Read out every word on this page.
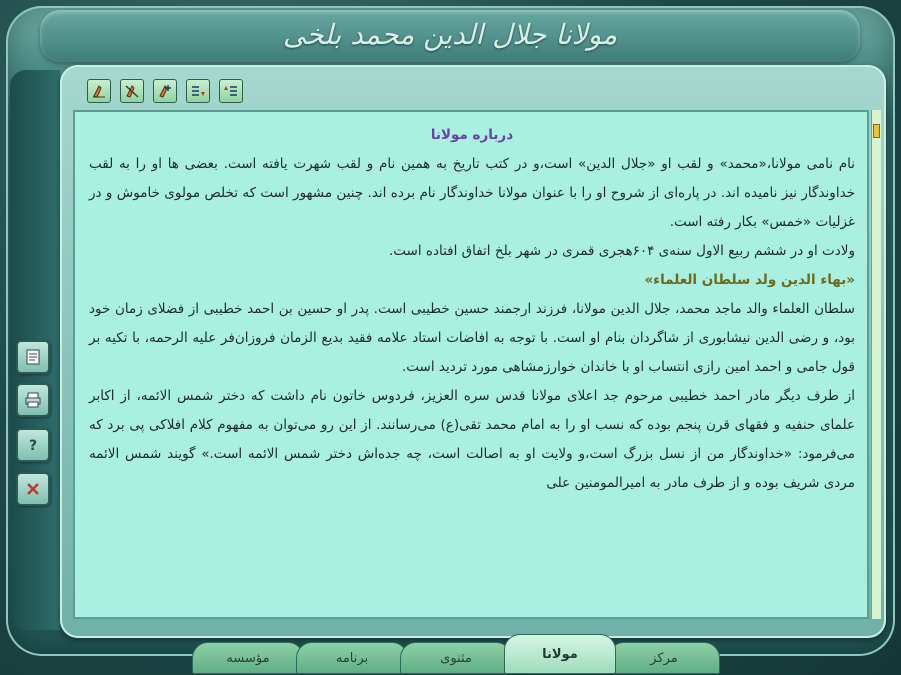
مولانا جلال الدین محمد بلخی
?
درباره مولانا

نام نامی مولانا،«محمد» و لقب او «جلال الدین» است،و در کتب تاریخ به همین نام و لقب شهرت یافته است. بعضی ها او را به لقب خداوندگار نیز نامیده اند. در پاره‌ای از شروح او را با عنوان مولانا خداوندگار نام برده اند. چنین مشهور است که تخلص مولوی خاموش و در غزلیات «خمس» بکار رفته است.

ولادت او در ششم ربیع الاول سنه‌ی ۶۰۴هجری قمری در شهر بلخ اتفاق افتاده است.

«بهاء الدین ولد سلطان العلماء»

سلطان العلماء والد ماجد محمد، جلال الدین مولانا، فرزند ارجمند حسین خطیبی است. پدر او حسین بن احمد خطیبی از فضلای زمان خود بود، و رضی الدین نیشابوری از شاگردان بنام او است. با توجه به افاضات استاد علامه فقید بدیع الزمان فروزان‌فر علیه الرحمه، با تکیه بر قول جامی و احمد امین رازی انتساب او با خاندان خوارزمشاهی مورد تردید است.

از طرف دیگر مادر احمد خطیبی مرحوم جد اعلای مولانا قدس سره العزیز، فردوس خاتون نام داشت که دختر شمس الائمه، از اکابر علمای حنفیه و فقهای قرن پنجم بوده که نسب او را به امام محمد تقی(ع) می‌رسانند. از این رو می‌توان به مفهوم کلام افلاکی پی برد که می‌فرمود: «خداوندگار من از نسل بزرگ است،و ولایت او به اصالت است، چه جده‌اش دختر شمس الائمه است.» گویند شمس الائمه مردی شریف بوده و از طرف مادر به امیرالمومنین علی

مؤسسه	برنامه	مثنوی	مرکز
مولانا
